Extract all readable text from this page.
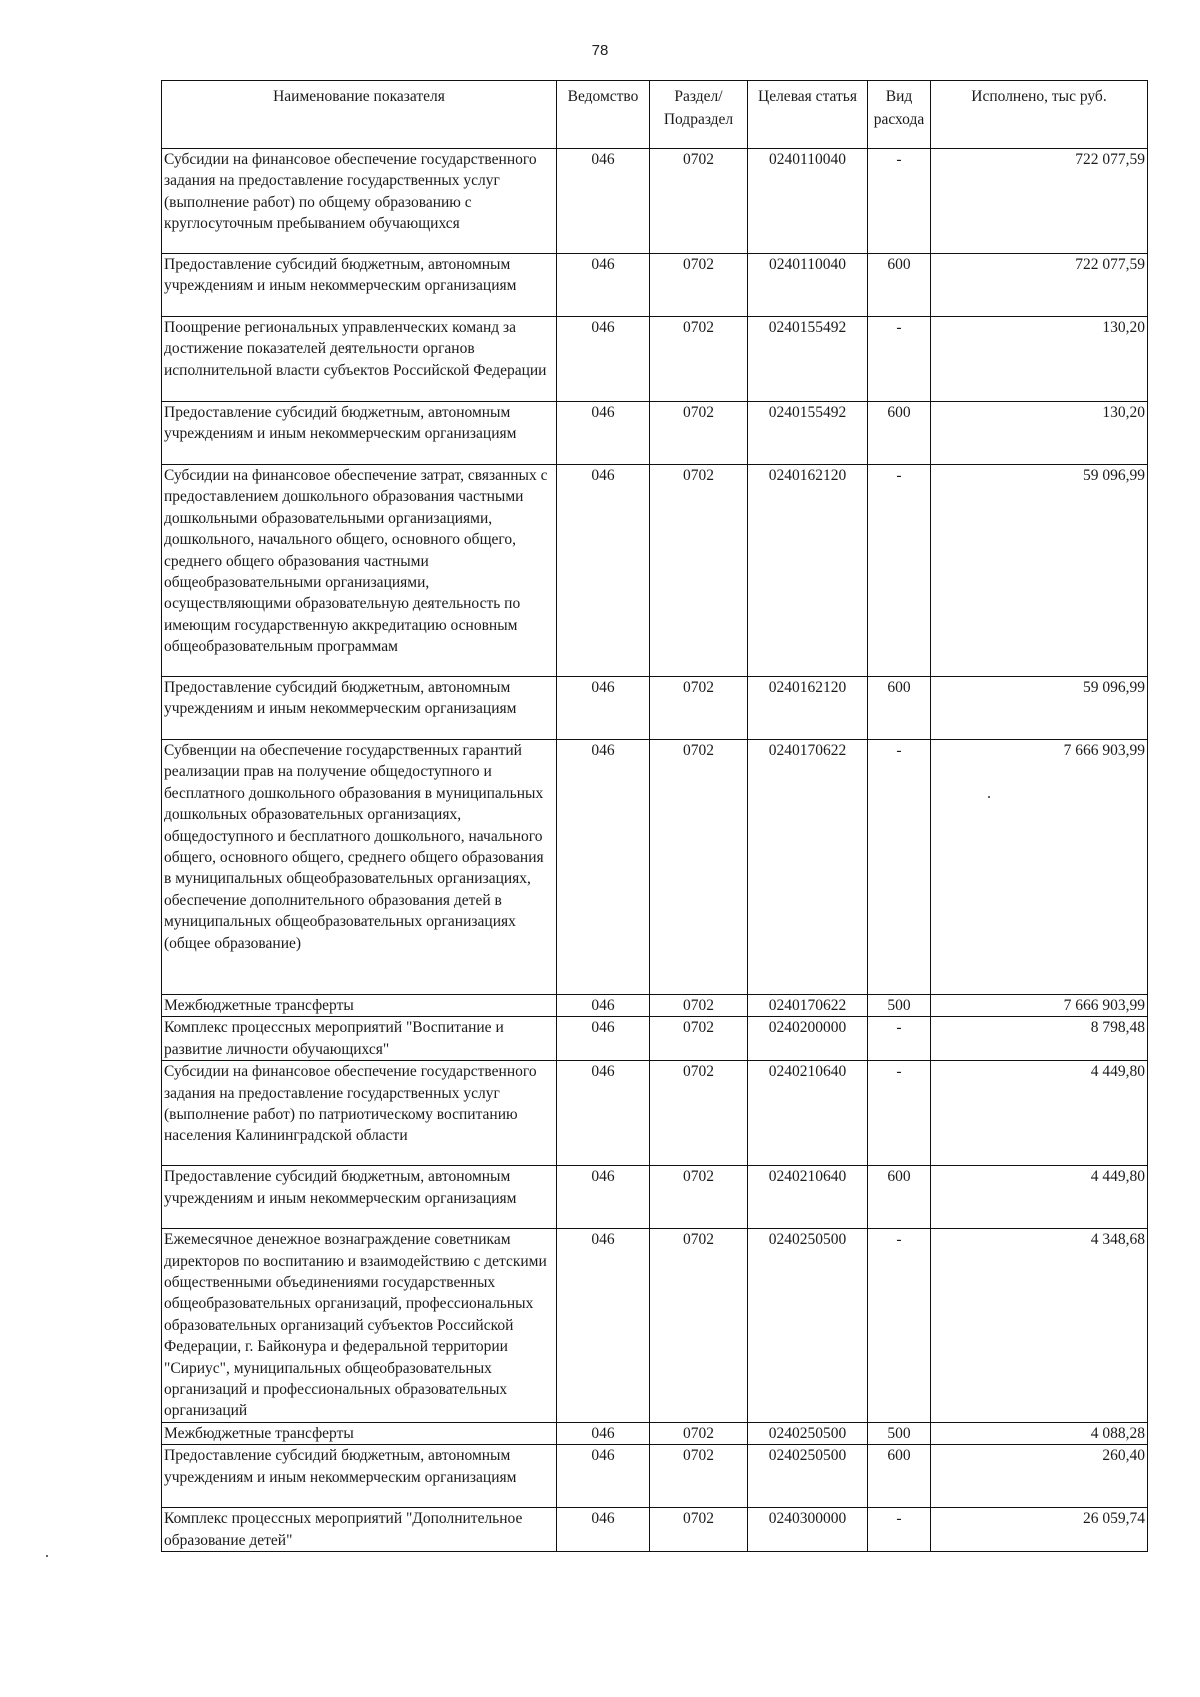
78
Наименование показателя	Ведомство	Раздел/ Подраздел	Целевая статья	Вид расхода	Исполнено, тыс руб.
Субсидии на финансовое обеспечение государственного задания на предоставление государственных услуг (выполнение работ) по общему образованию с круглосуточным пребыванием обучающихся	046	0702	0240110040	-	722 077,59
Предоставление субсидий бюджетным, автономным учреждениям и иным некоммерческим организациям	046	0702	0240110040	600	722 077,59
Поощрение региональных управленческих команд за достижение показателей деятельности органов исполнительной власти субъектов Российской Федерации	046	0702	0240155492	-	130,20
Предоставление субсидий бюджетным, автономным учреждениям и иным некоммерческим организациям	046	0702	0240155492	600	130,20
Субсидии на финансовое обеспечение затрат, связанных с предоставлением дошкольного образования частными дошкольными образовательными организациями, дошкольного, начального общего, основного общего, среднего общего образования частными общеобразовательными организациями, осуществляющими образовательную деятельность по имеющим государственную аккредитацию основным общеобразовательным программам	046	0702	0240162120	-	59 096,99
Предоставление субсидий бюджетным, автономным учреждениям и иным некоммерческим организациям	046	0702	0240162120	600	59 096,99
Субвенции на обеспечение государственных гарантий реализации прав на получение общедоступного и бесплатного дошкольного образования в муниципальных дошкольных образовательных организациях, общедоступного и бесплатного дошкольного, начального общего, основного общего, среднего общего образования в муниципальных общеобразовательных организациях, обеспечение дополнительного образования детей в муниципальных общеобразовательных организациях (общее образование)	046	0702	0240170622	-	7 666 903,99
Межбюджетные трансферты	046	0702	0240170622	500	7 666 903,99
Комплекс процессных мероприятий "Воспитание и развитие личности обучающихся"	046	0702	0240200000	-	8 798,48
Субсидии на финансовое обеспечение государственного задания на предоставление государственных услуг (выполнение работ) по патриотическому воспитанию населения Калининградской области	046	0702	0240210640	-	4 449,80
Предоставление субсидий бюджетным, автономным учреждениям и иным некоммерческим организациям	046	0702	0240210640	600	4 449,80
Ежемесячное денежное вознаграждение советникам директоров по воспитанию и взаимодействию с детскими общественными объединениями государственных общеобразовательных организаций, профессиональных образовательных организаций субъектов Российской Федерации, г. Байконура и федеральной территории "Сириус", муниципальных общеобразовательных организаций и профессиональных образовательных организаций	046	0702	0240250500	-	4 348,68
Межбюджетные трансферты	046	0702	0240250500	500	4 088,28
Предоставление субсидий бюджетным, автономным учреждениям и иным некоммерческим организациям	046	0702	0240250500	600	260,40
Комплекс процессных мероприятий "Дополнительное образование детей"	046	0702	0240300000	-	26 059,74
